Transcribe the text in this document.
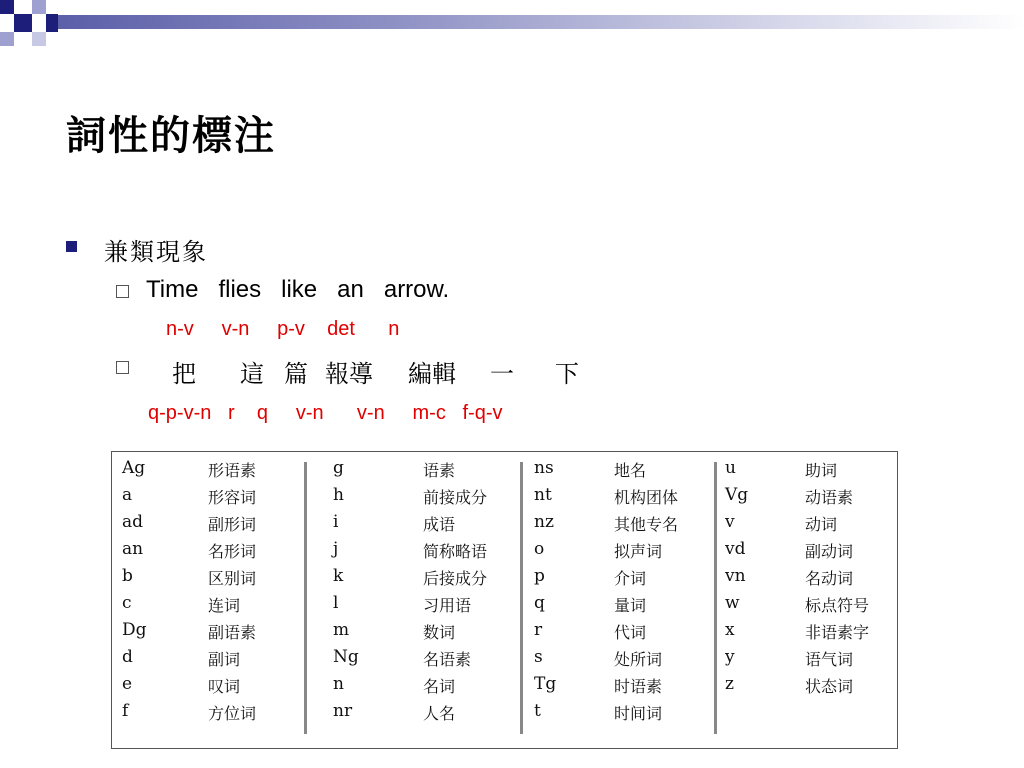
詞性的標注
兼類現象
Time   flies   like   an   arrow.
n-v     v-n     p-v    det      n
把 這 篇 報導 編輯 一 下
q-p-v-n   r    q     v-n      v-n     m-c   f-q-v
Ag	形语素
a	形容词
ad	副形词
an	名形词
b	区别词
c	连词
Dg	副语素
d	副词
e	叹词
f	方位词
g	语素
h	前接成分
i	成语
j	简称略语
k	后接成分
l	习用语
m	数词
Ng	名语素
n	名词
nr	人名
ns	地名
nt	机构团体
nz	其他专名
o	拟声词
p	介词
q	量词
r	代词
s	处所词
Tg	时语素
t	时间词
u	助词
Vg	动语素
v	动词
vd	副动词
vn	名动词
w	标点符号
x	非语素字
y	语气词
z	状态词
